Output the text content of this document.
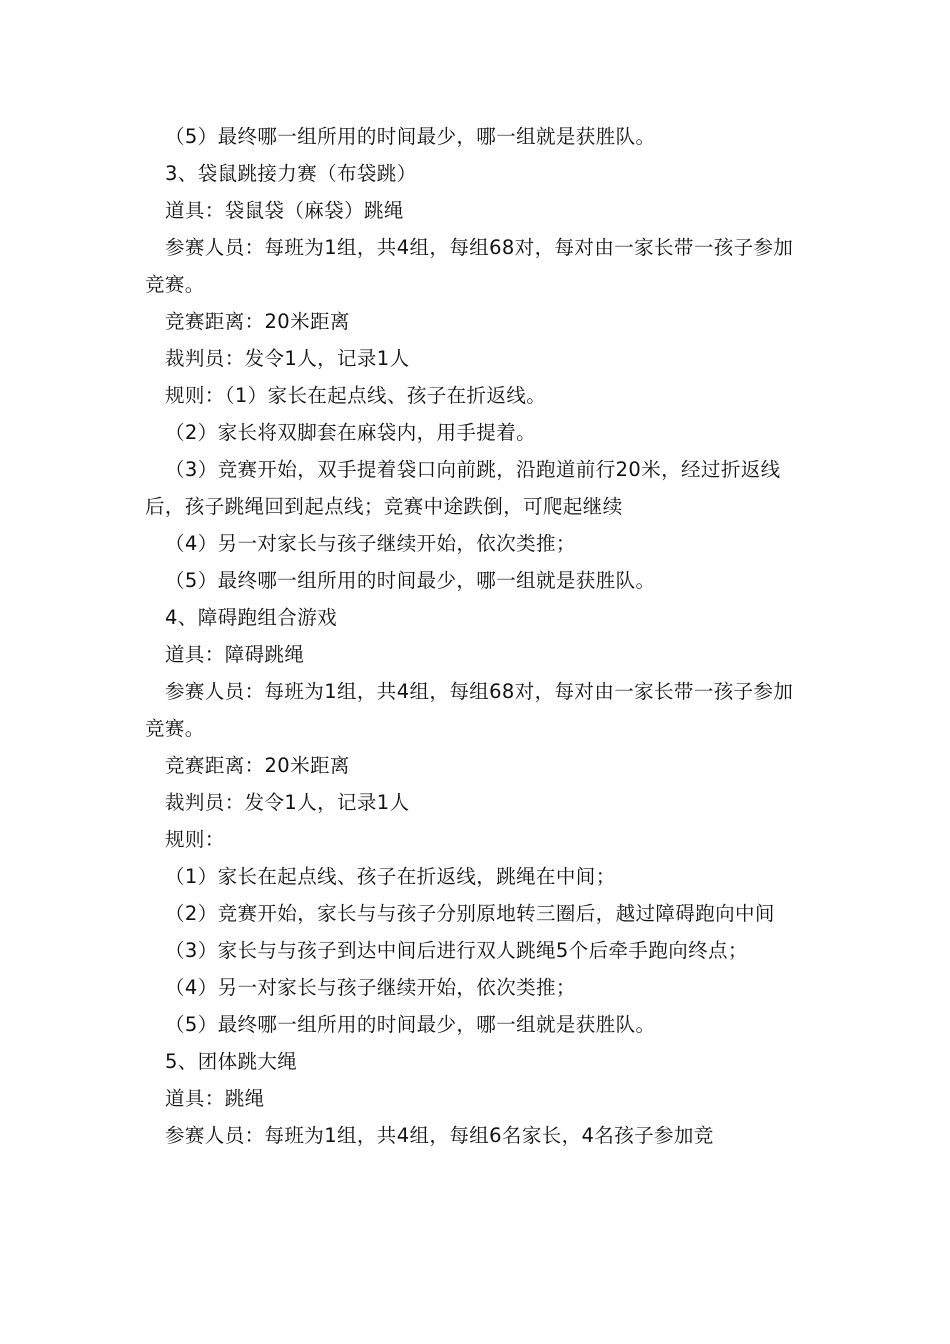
（5）最终哪一组所用的时间最少，哪一组就是获胜队。

3、袋鼠跳接力赛（布袋跳）

道具：袋鼠袋（麻袋）跳绳

参赛人员：每班为1组，共4组，每组68对，每对由一家长带一孩子参加竞赛。

竞赛距离：20米距离

裁判员：发令1人，记录1人

规则：（1）家长在起点线、孩子在折返线。

（2）家长将双脚套在麻袋内，用手提着。

（3）竞赛开始，双手提着袋口向前跳，沿跑道前行20米，经过折返线后，孩子跳绳回到起点线；竞赛中途跌倒，可爬起继续

（4）另一对家长与孩子继续开始，依次类推；

（5）最终哪一组所用的时间最少，哪一组就是获胜队。

4、障碍跑组合游戏

道具：障碍跳绳

参赛人员：每班为1组，共4组，每组68对，每对由一家长带一孩子参加竞赛。

竞赛距离：20米距离

裁判员：发令1人，记录1人

规则：

（1）家长在起点线、孩子在折返线，跳绳在中间；

（2）竞赛开始，家长与与孩子分别原地转三圈后，越过障碍跑向中间

（3）家长与与孩子到达中间后进行双人跳绳5个后牵手跑向终点；

（4）另一对家长与孩子继续开始，依次类推；

（5）最终哪一组所用的时间最少，哪一组就是获胜队。

5、团体跳大绳

道具：跳绳

参赛人员：每班为1组，共4组，每组6名家长，4名孩子参加竞
